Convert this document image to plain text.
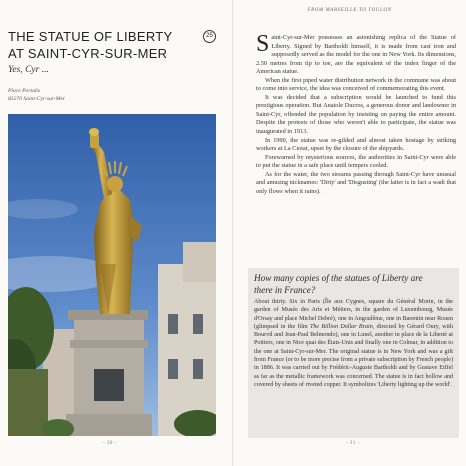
THE STATUE OF LIBERTY
AT SAINT-CYR-SUR-MER
25
Yes, Cyr ...
Place Portalis
83270 Saint-Cyr-sur-Mer
- 30 -
FROM MARSEILLE TO TOULON

Saint-Cyr-sur-Mer possesses an astonishing replica of the Statue of Liberty. Signed by Bartholdi himself, it is made from cast iron and supposedly served as the model for the one in New York. Its dimensions, 2.50 metres from tip to toe, are the equivalent of the index finger of the American statue.

When the first piped water distribution network in the commune was about to come into service, the idea was conceived of commemorating this event.

It was decided that a subscription would be launched to fund this prestigious operation. But Anatole Ducros, a generous donor and landowner in Saint-Cyr, offended the population by insisting on paying the entire amount. Despite the protests of those who weren't able to participate, the statue was inaugurated in 1913.

In 1990, the statue was re-gilded and almost taken hostage by striking workers at La Ciotat, upset by the closure of the shipyards.

Forewarned by mysterious sources, the authorities in Saint-Cyr were able to put the statue in a safe place until tempers cooled.

As for the water, the two streams passing through Saint-Cyr have unusual and amusing nicknames: 'Dirty' and 'Disgusting' (the latter is in fact a wadi that only flows when it rains).

How many copies of the statues of Liberty are
there in France?

About thirty. Six in Paris (Île aux Cygnes, square du Général Morin, in the garden of Musée des Arts et Métiers, in the garden of Luxembourg, Musée d'Orsay and place Michel Debré), one in Angoulême, one in Barentin near Rouen (glimpsed in the film The Billion Dollar Brain, directed by Gérard Oury, with Bourvil and Jean-Paul Belmondo), one in Lunel, another in place de la Liberté at Poitiers, one in Nice quai des États-Unis and finally one in Colmar, in addition to the one at Saint-Cyr-sur-Mer. The original statue is in New York and was a gift from France (or to be more precise from a private subscription by French people) in 1886. It was carried out by Frédéric-Auguste Bartholdi and by Gustave Eiffel as far as the metallic framework was concerned. The statue is in fact hollow and covered by sheets of riveted copper. It symbolizes 'Liberty lighting up the world'.

- 31 -
